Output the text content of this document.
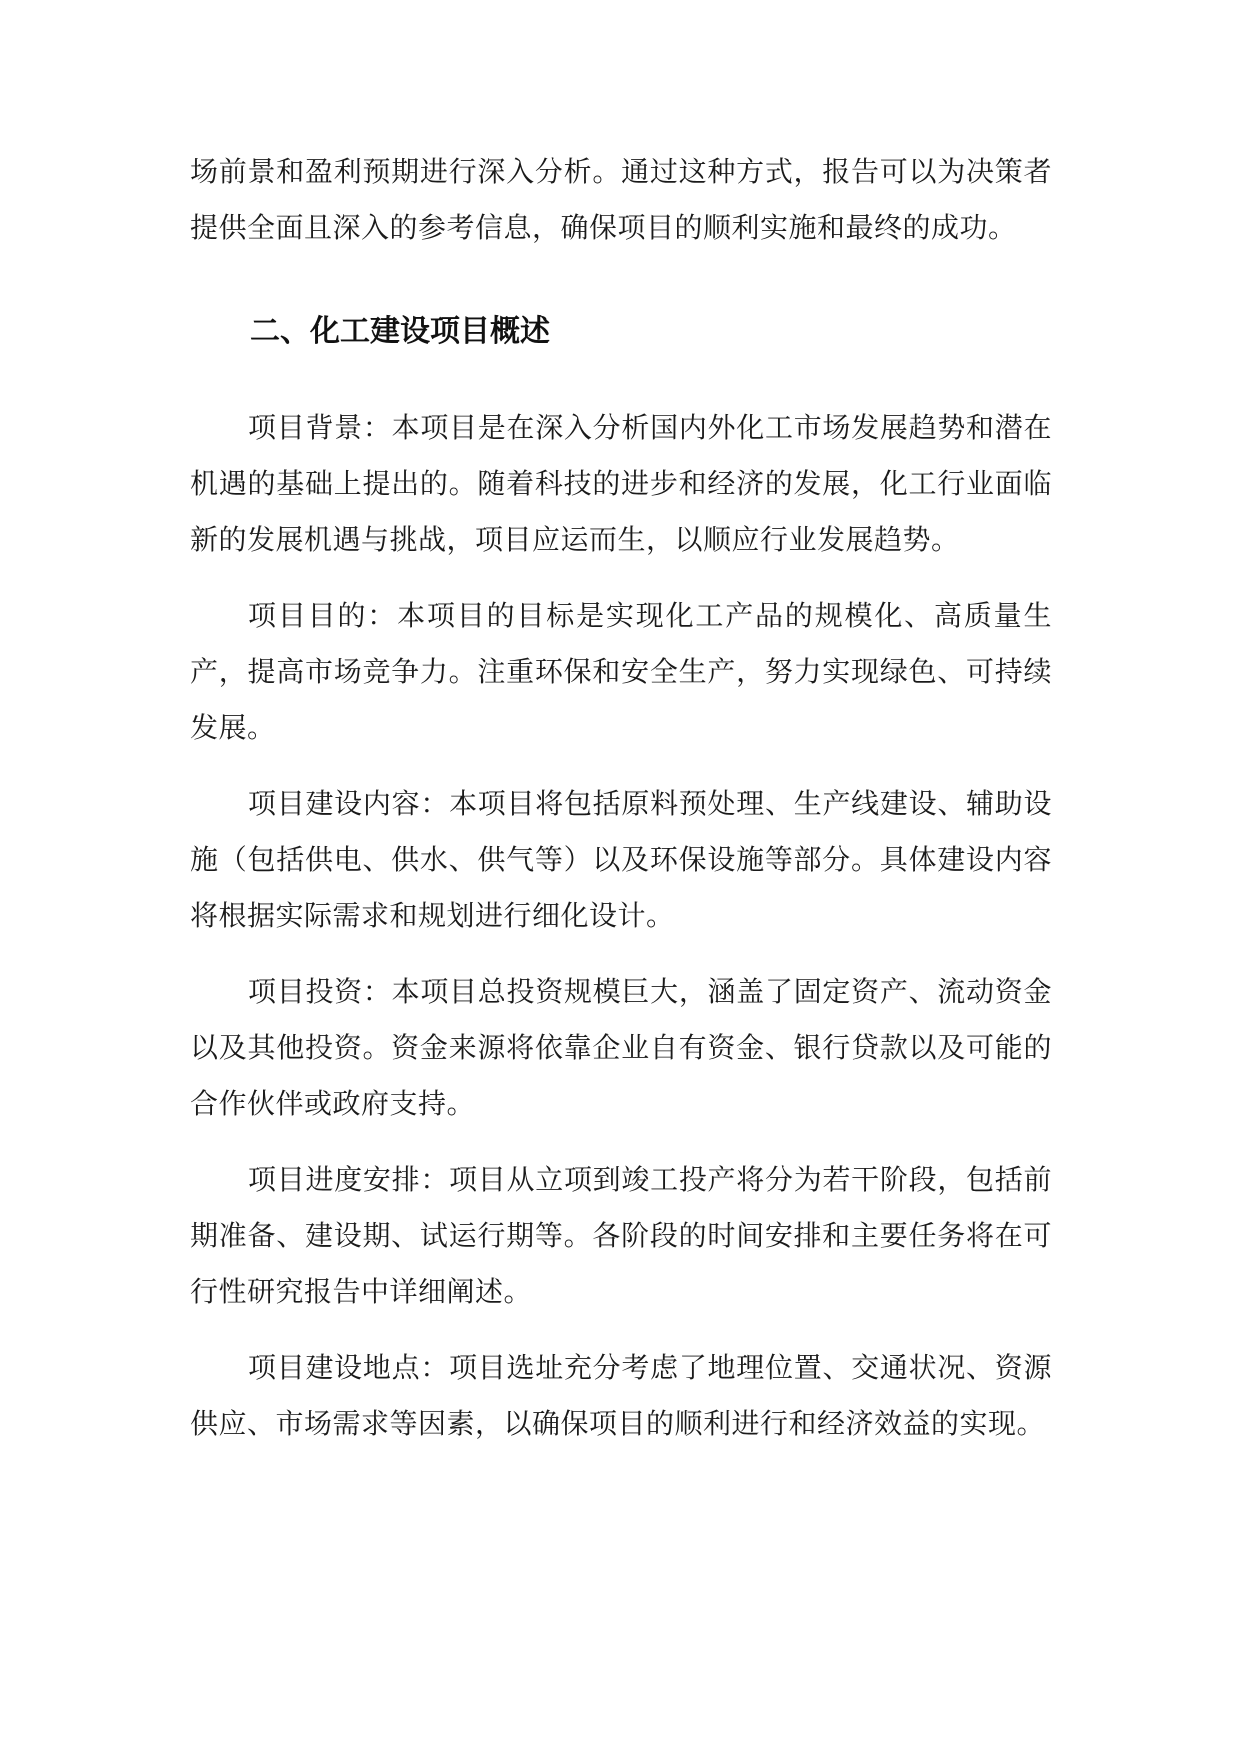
场前景和盈利预期进行深入分析。通过这种方式，报告可以为决策者提供全面且深入的参考信息，确保项目的顺利实施和最终的成功。

二、化工建设项目概述

项目背景：本项目是在深入分析国内外化工市场发展趋势和潜在机遇的基础上提出的。随着科技的进步和经济的发展，化工行业面临新的发展机遇与挑战，项目应运而生，以顺应行业发展趋势。

项目目的：本项目的目标是实现化工产品的规模化、高质量生产，提高市场竞争力。注重环保和安全生产，努力实现绿色、可持续发展。

项目建设内容：本项目将包括原料预处理、生产线建设、辅助设施（包括供电、供水、供气等）以及环保设施等部分。具体建设内容将根据实际需求和规划进行细化设计。

项目投资：本项目总投资规模巨大，涵盖了固定资产、流动资金以及其他投资。资金来源将依靠企业自有资金、银行贷款以及可能的合作伙伴或政府支持。

项目进度安排：项目从立项到竣工投产将分为若干阶段，包括前期准备、建设期、试运行期等。各阶段的时间安排和主要任务将在可行性研究报告中详细阐述。

项目建设地点：项目选址充分考虑了地理位置、交通状况、资源供应、市场需求等因素，以确保项目的顺利进行和经济效益的实现。
